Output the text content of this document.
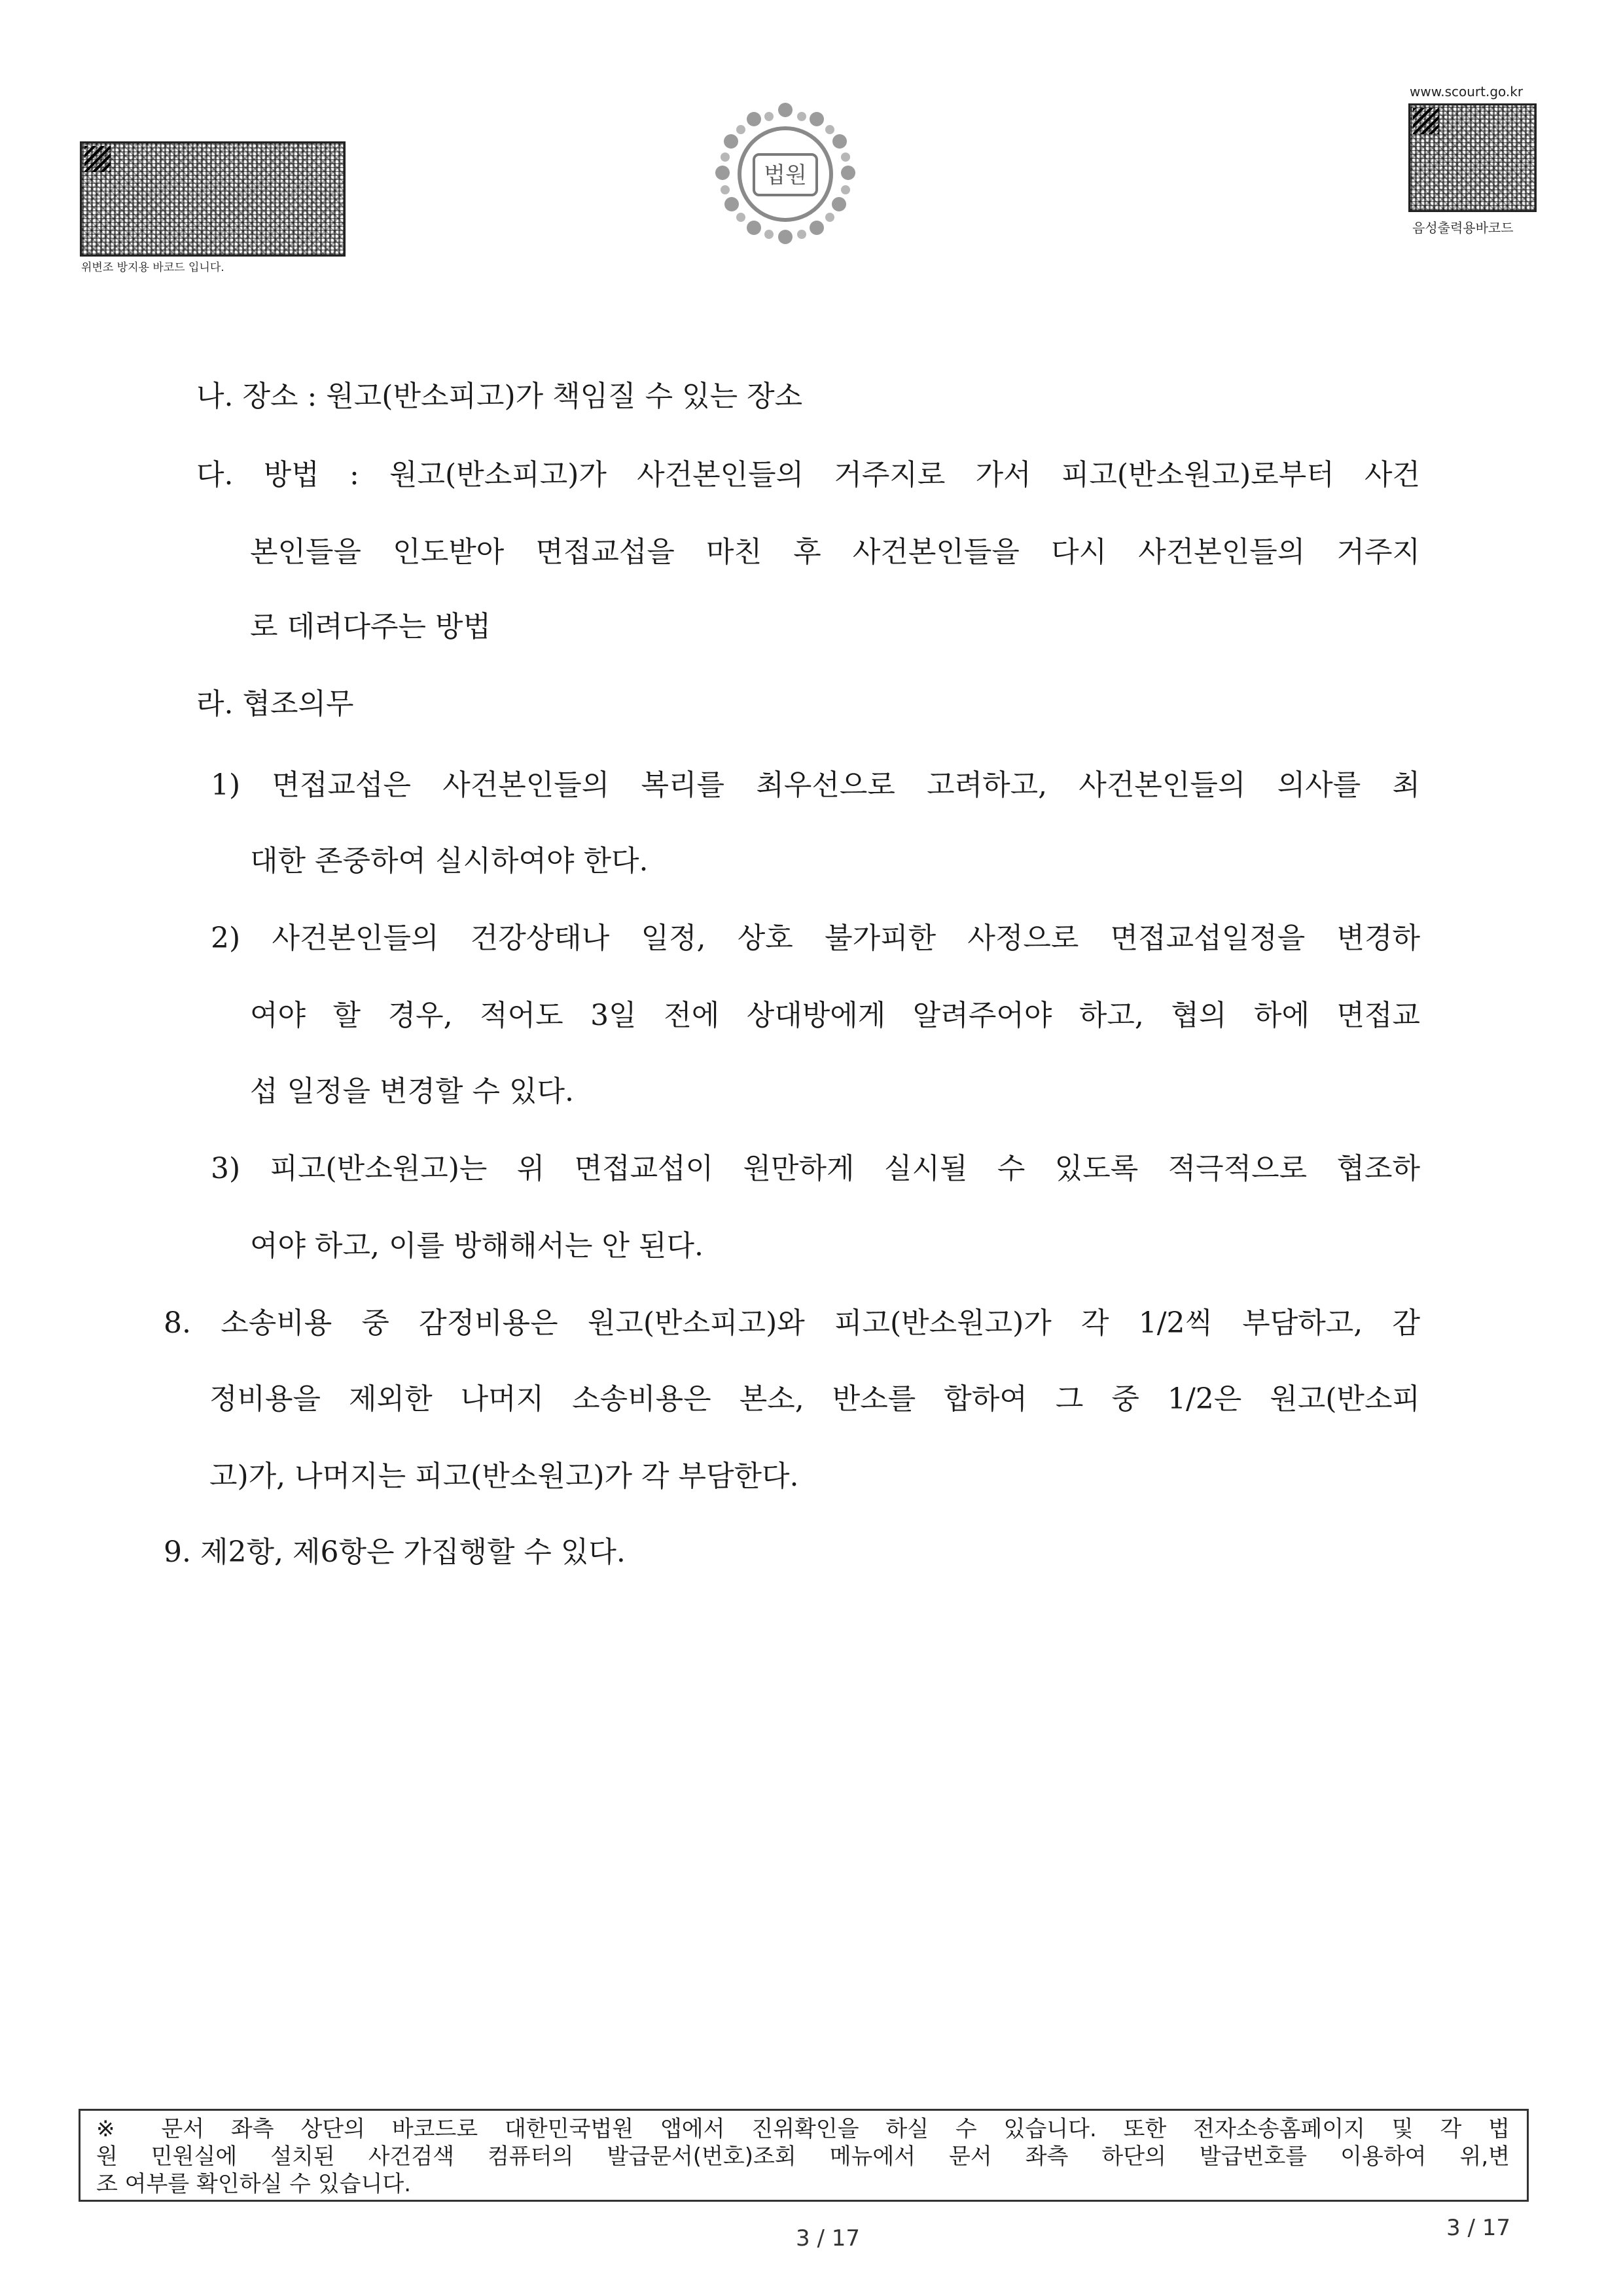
위변조 방지용 바코드 입니다.
법원
www.scourt.go.kr
음성출력용바코드
나. 장소 : 원고(반소피고)가 책임질 수 있는 장소
다. 방법 : 원고(반소피고)가 사건본인들의 거주지로 가서 피고(반소원고)로부터 사건
본인들을 인도받아 면접교섭을 마친 후 사건본인들을 다시 사건본인들의 거주지
로 데려다주는 방법
라. 협조의무
1) 면접교섭은 사건본인들의 복리를 최우선으로 고려하고, 사건본인들의 의사를 최
대한 존중하여 실시하여야 한다.
2) 사건본인들의 건강상태나 일정, 상호 불가피한 사정으로 면접교섭일정을 변경하
여야 할 경우, 적어도 3일 전에 상대방에게 알려주어야 하고, 협의 하에 면접교
섭 일정을 변경할 수 있다.
3) 피고(반소원고)는 위 면접교섭이 원만하게 실시될 수 있도록 적극적으로 협조하
여야 하고, 이를 방해해서는 안 된다.
8. 소송비용 중 감정비용은 원고(반소피고)와 피고(반소원고)가 각 1/2씩 부담하고, 감
정비용을 제외한 나머지 소송비용은 본소, 반소를 합하여 그 중 1/2은 원고(반소피
고)가, 나머지는 피고(반소원고)가 각 부담한다.
9. 제2항, 제6항은 가집행할 수 있다.
※ 문서 좌측 상단의 바코드로 대한민국법원 앱에서 진위확인을 하실 수 있습니다. 또한 전자소송홈페이지 및 각 법
원 민원실에 설치된 사건검색 컴퓨터의 발급문서(번호)조회 메뉴에서 문서 좌측 하단의 발급번호를 이용하여 위,변
조 여부를 확인하실 수 있습니다.
3 / 17	3 / 17
